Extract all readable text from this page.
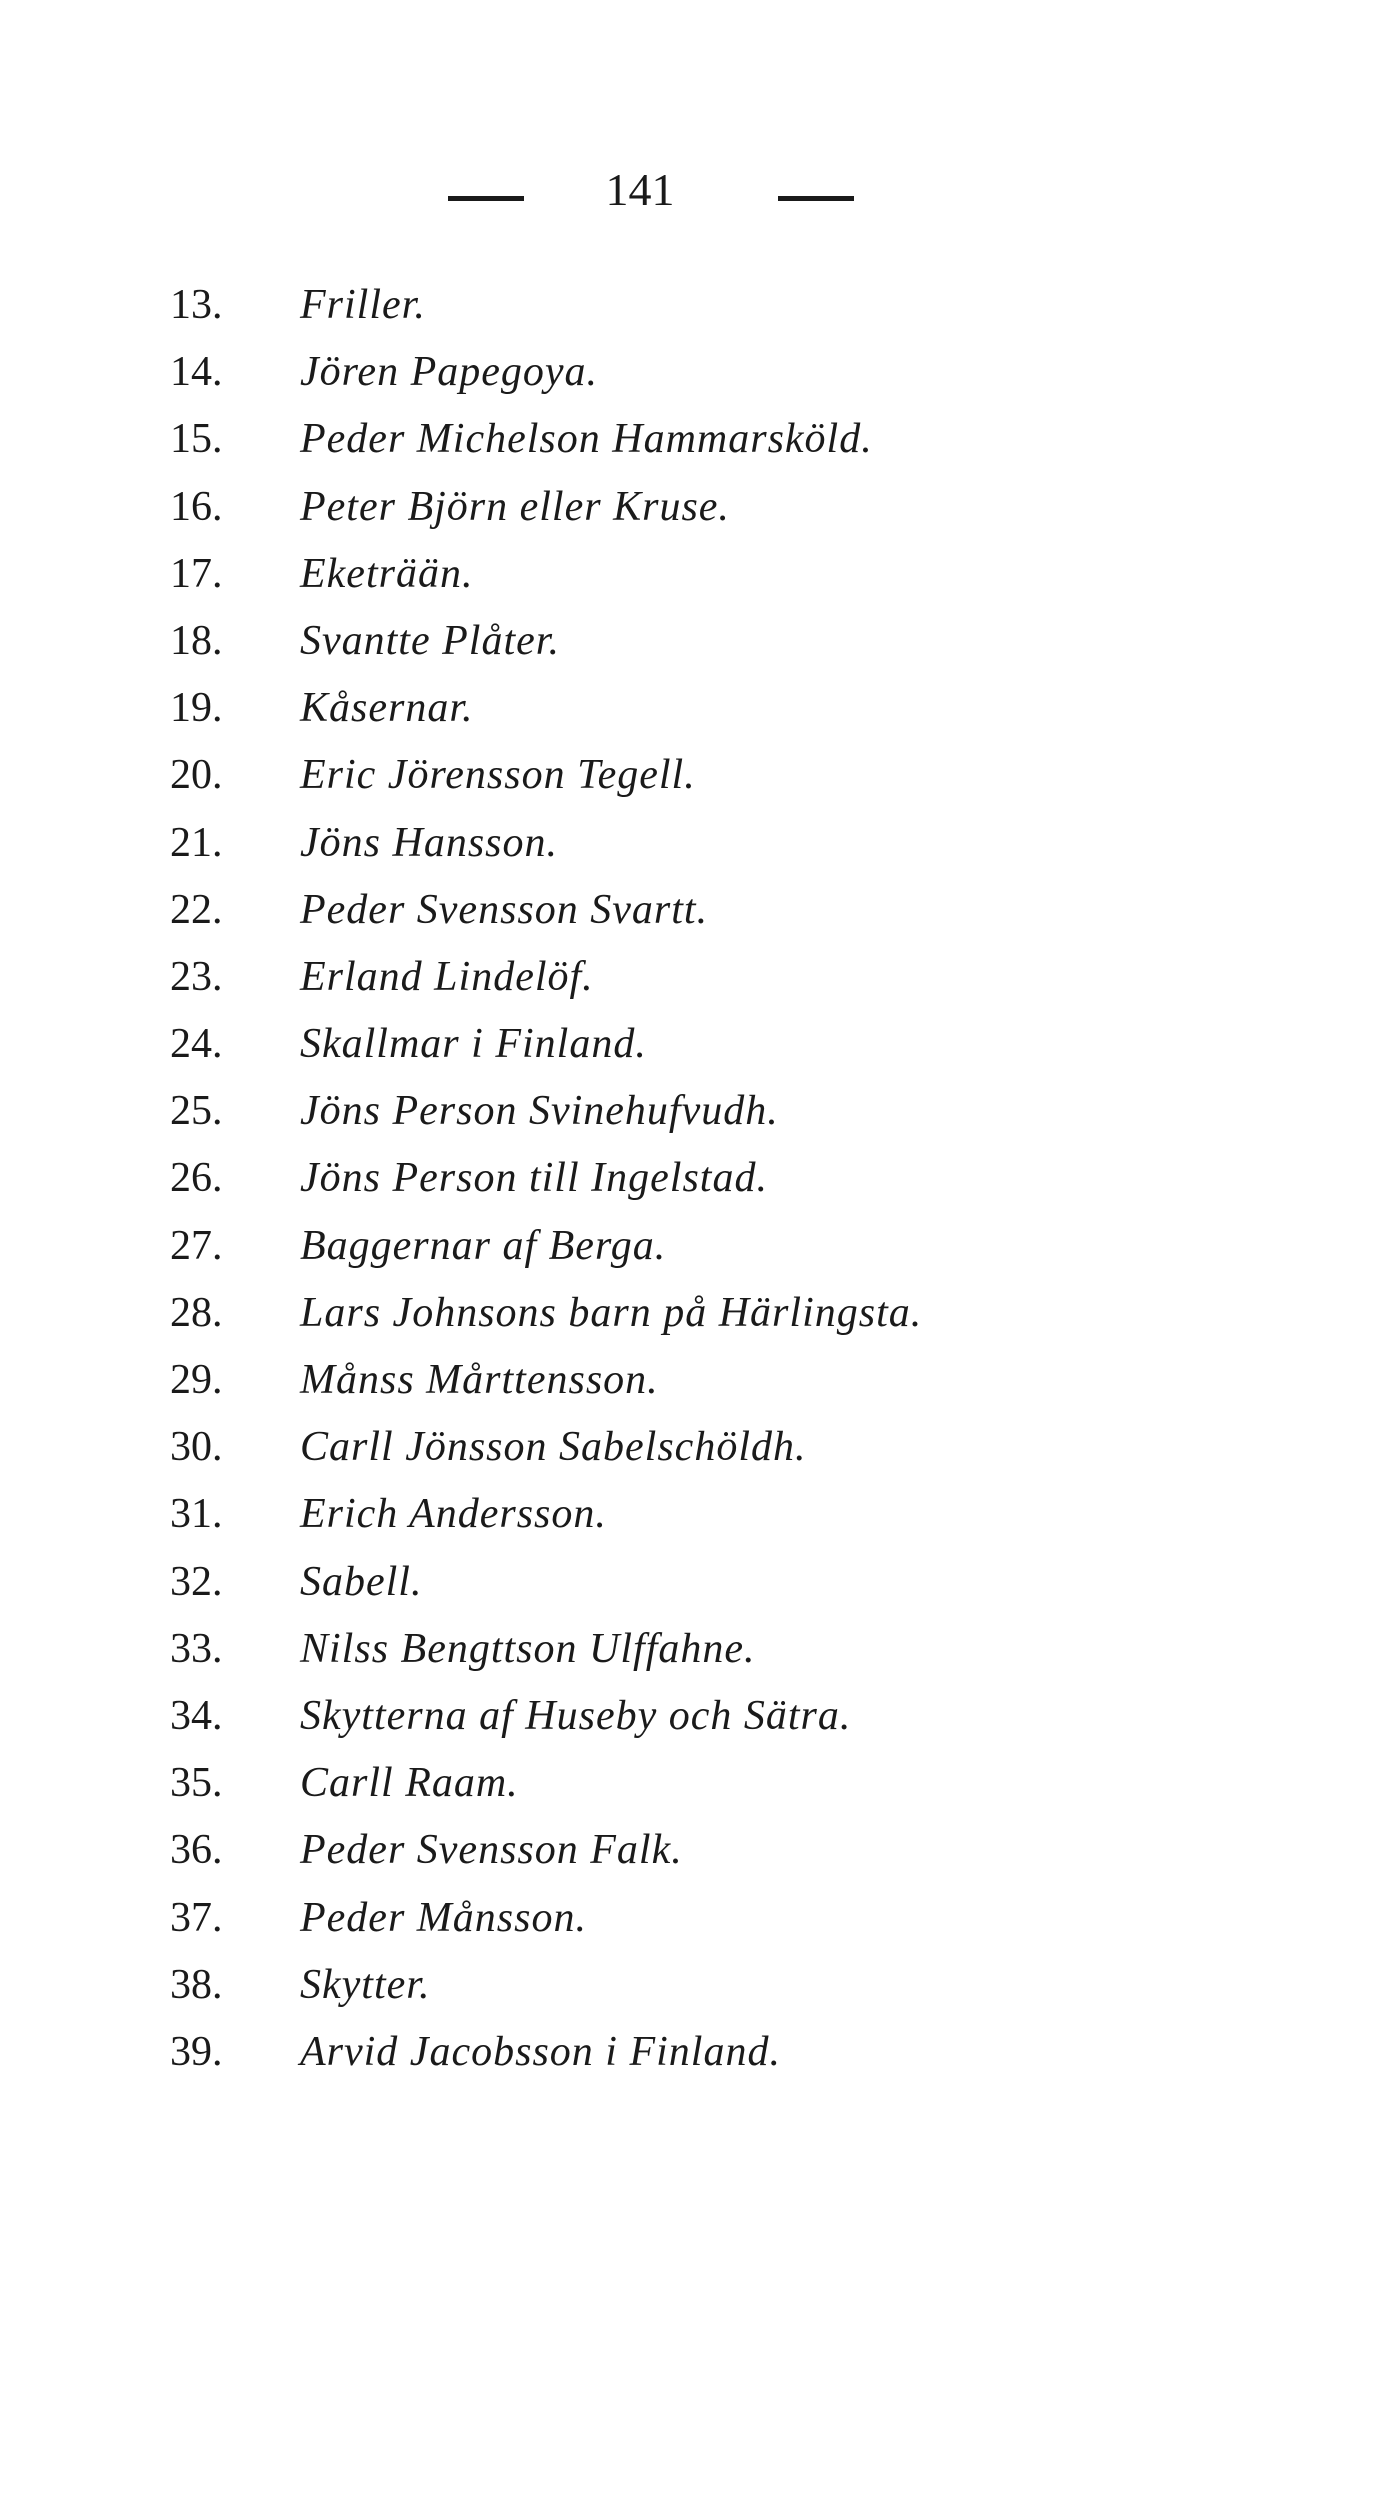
141
13.	Friller.
14.	Jören Papegoya.
15.	Peder Michelson Hammarsköld.
16.	Peter Björn eller Kruse.
17.	Eketrään.
18.	Svantte Plåter.
19.	Kåsernar.
20.	Eric Jörensson Tegell.
21.	Jöns Hansson.
22.	Peder Svensson Svartt.
23.	Erland Lindelöf.
24.	Skallmar i Finland.
25.	Jöns Person Svinehufvudh.
26.	Jöns Person till Ingelstad.
27.	Baggernar af Berga.
28.	Lars Johnsons barn på Härlingsta.
29.	Månss Mårttensson.
30.	Carll Jönsson Sabelschöldh.
31.	Erich Andersson.
32.	Sabell.
33.	Nilss Bengttson Ulffahne.
34.	Skytterna af Huseby och Sätra.
35.	Carll Raam.
36.	Peder Svensson Falk.
37.	Peder Månsson.
38.	Skytter.
39.	Arvid Jacobsson i Finland.
